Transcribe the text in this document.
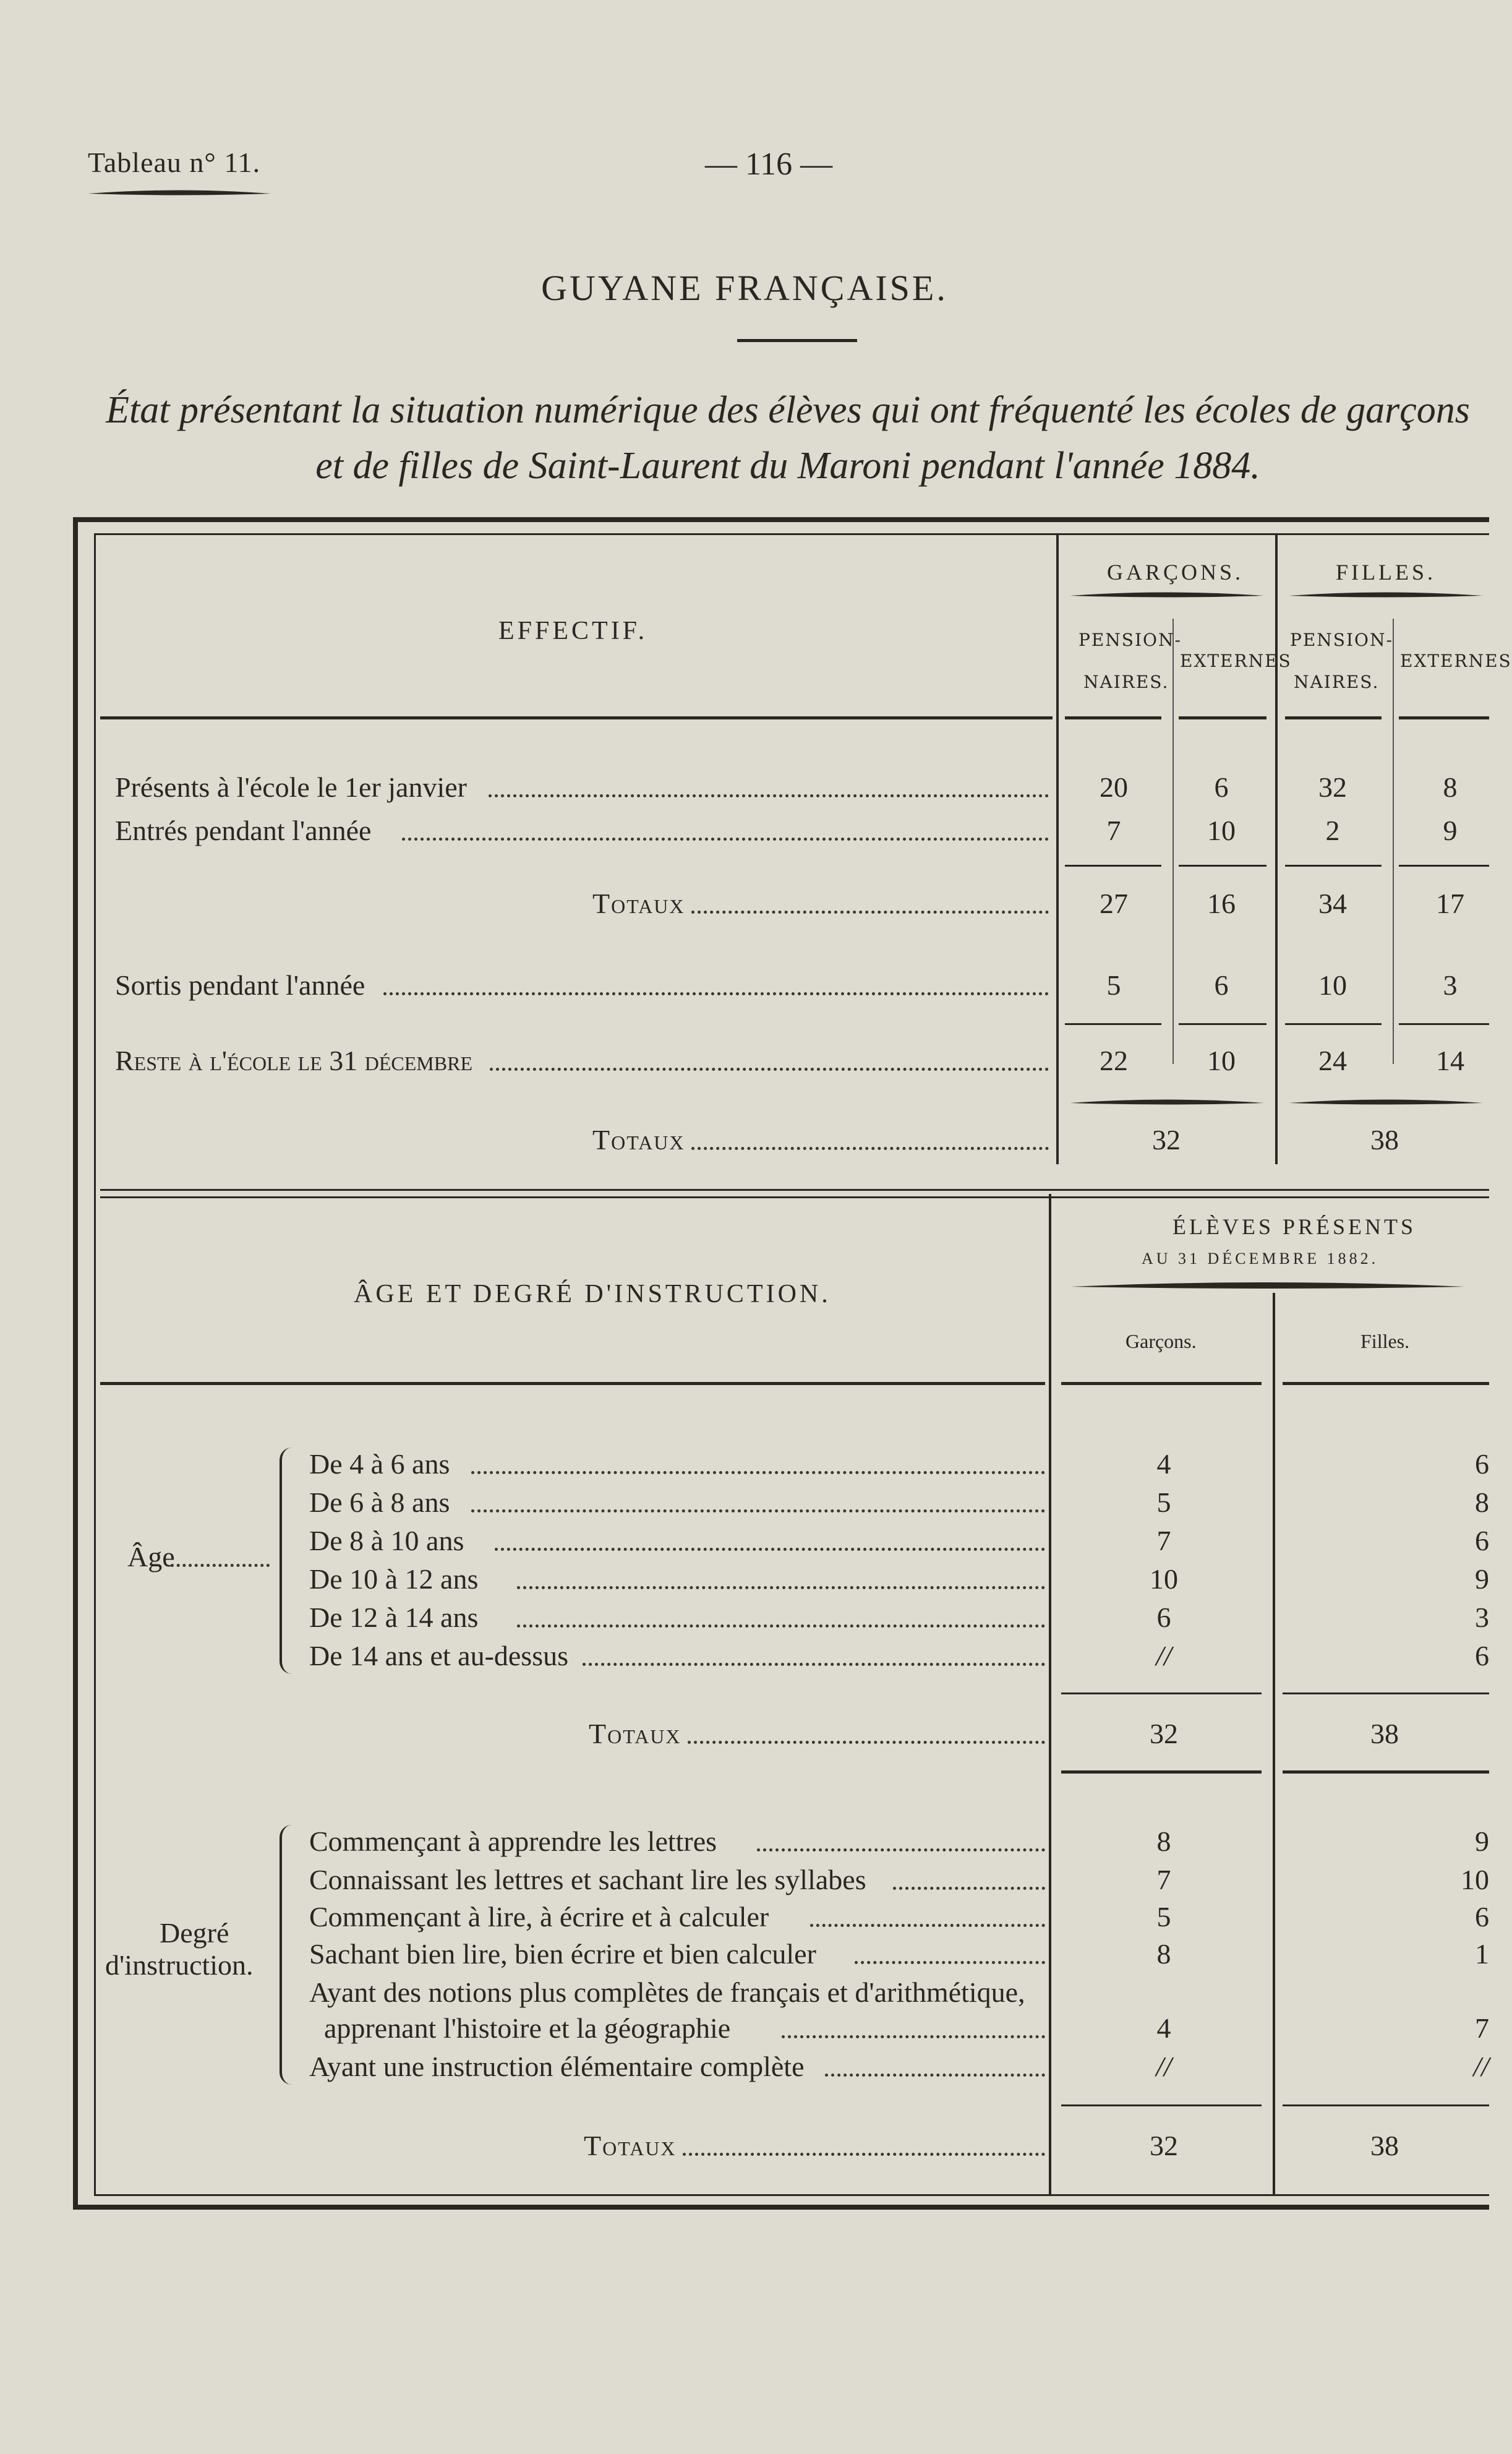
Tableau n° 11.	— 116 —
GUYANE FRANÇAISE.
État présentant la situation numérique des élèves qui ont fréquenté les écoles de garçons
et de filles de Saint-Laurent du Maroni pendant l'année 1884.
EFFECTIF.
GARÇONS.	FILLES.
PENSION-
NAIRES.
EXTERNES
PENSION-
NAIRES.
EXTERNES
Présents à l'école le 1er janvier	20	6	32	8
Entrés pendant l'année	7	10	2	9
Totaux	27	16	34	17
Sortis pendant l'année	5	6	10	3
Reste à l'école le 31 décembre	22	10	24	14
Totaux	32	38
ÂGE ET DEGRÉ D'INSTRUCTION.
ÉLÈVES PRÉSENTS
AU 31 DÉCEMBRE 1882.
Garçons.	Filles.
Âge
De 4 à 6 ans	4	6
De 6 à 8 ans	5	8
De 8 à 10 ans	7	6
De 10 à 12 ans	10	9
De 12 à 14 ans	6	3
De 14 ans et au-dessus	//	6
Totaux	32	38
Degré
d'instruction.
Commençant à apprendre les lettres	8	9
Connaissant les lettres et sachant lire les syllabes	7	10
Commençant à lire, à écrire et à calculer	5	6
Sachant bien lire, bien écrire et bien calculer	8	1
Ayant des notions plus complètes de français et d'arithmétique,
apprenant l'histoire et la géographie	4	7
Ayant une instruction élémentaire complète	//	//
Totaux	32	38
